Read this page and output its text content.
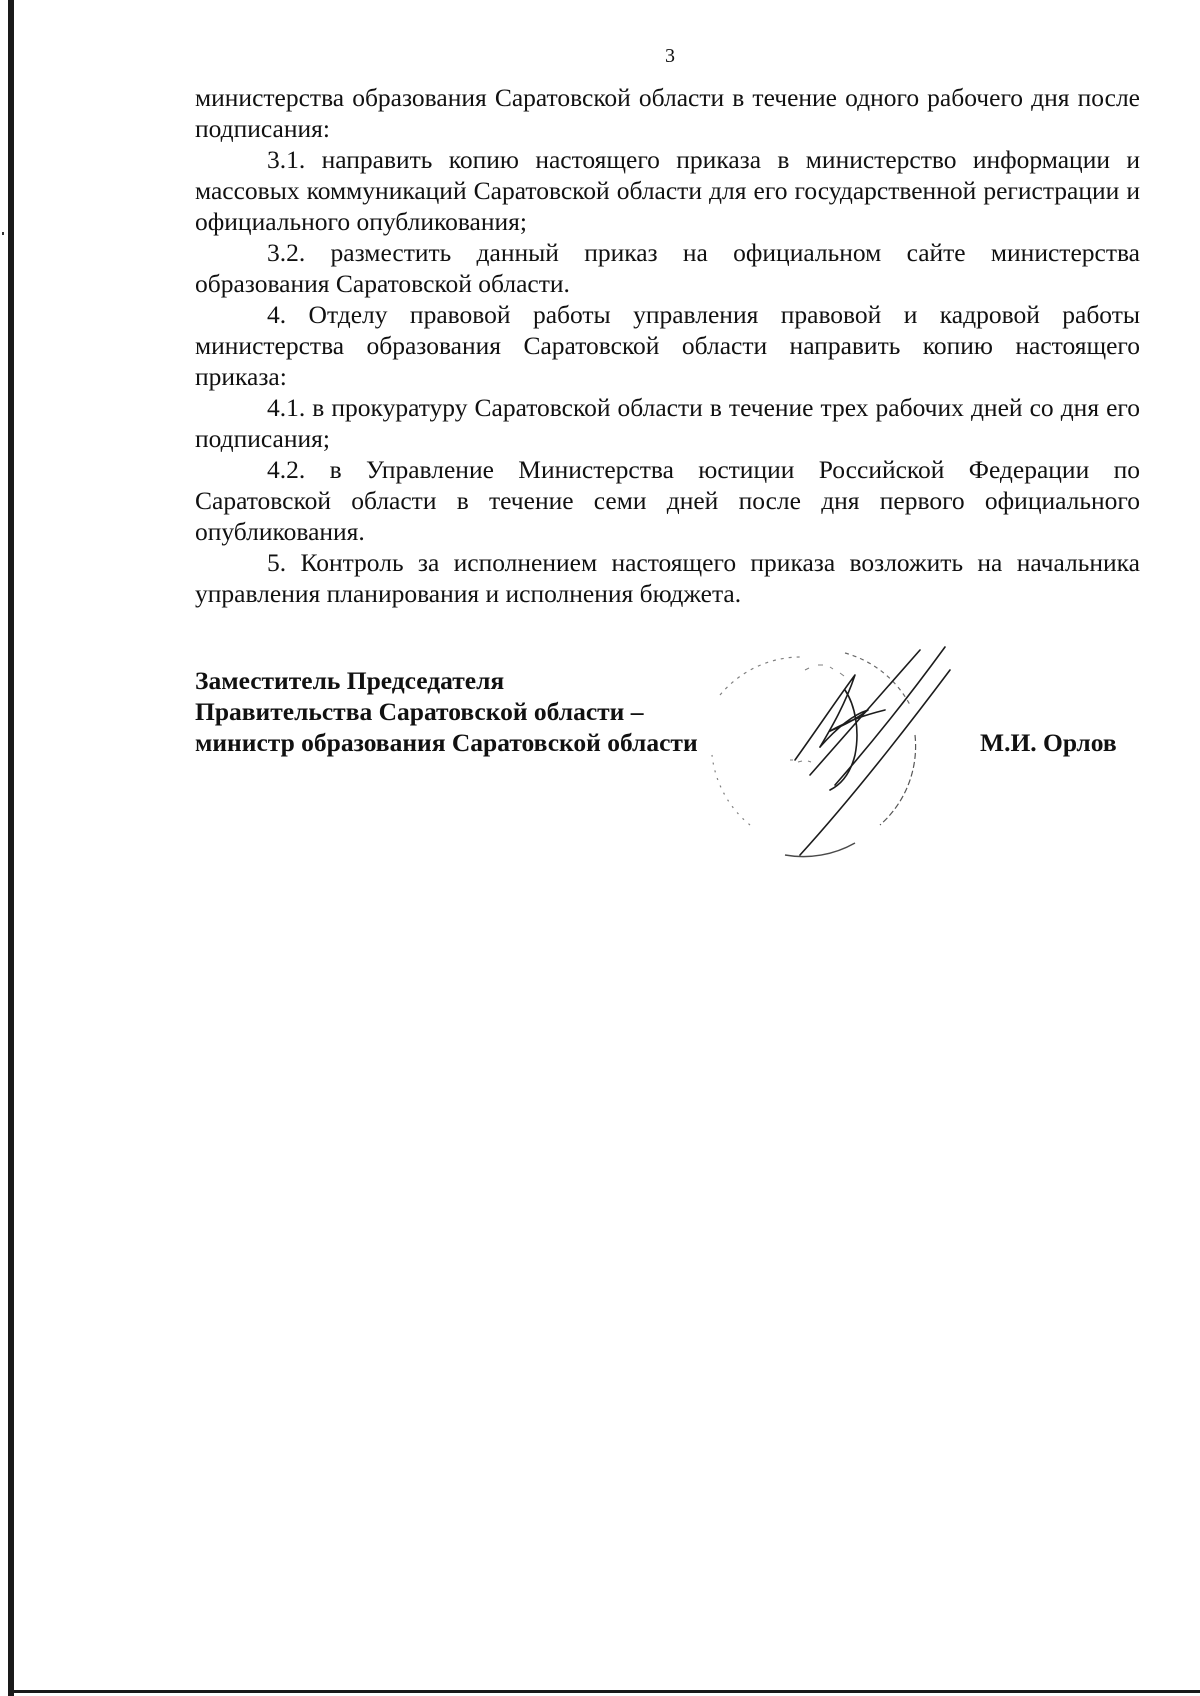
3

министерства образования Саратовской области в течение одного рабочего дня после подписания:

3.1. направить копию настоящего приказа в министерство информации и массовых коммуникаций Саратовской области для его государственной регистрации и официального опубликования;

3.2. разместить данный приказ на официальном сайте министерства образования Саратовской области.

4. Отделу правовой работы управления правовой и кадровой работы министерства образования Саратовской области направить копию настоящего приказа:

4.1. в прокуратуру Саратовской области в течение трех рабочих дней со дня его подписания;

4.2. в Управление Министерства юстиции Российской Федерации по Саратовской области в течение семи дней после дня первого официального опубликования.

5. Контроль за исполнением настоящего приказа возложить на начальника управления планирования и исполнения бюджета.

Заместитель Председателя
Правительства Саратовской области –
министр образования Саратовской области	М.И. Орлов
